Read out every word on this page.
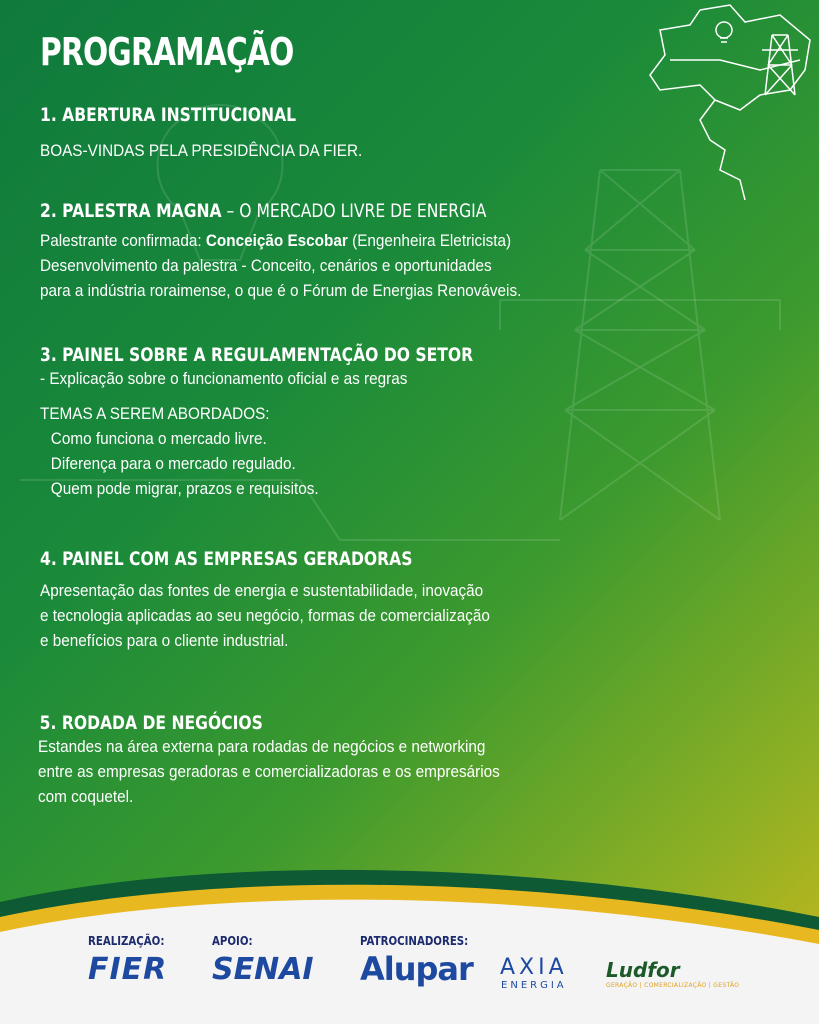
PROGRAMAÇÃO
1. ABERTURA INSTITUCIONAL
BOAS-VINDAS PELA PRESIDÊNCIA DA FIER.
2. PALESTRA MAGNA – O MERCADO LIVRE DE ENERGIA
Palestrante confirmada: Conceição Escobar (Engenheira Eletricista)
Desenvolvimento da palestra - Conceito, cenários e oportunidades
para a indústria roraimense, o que é o Fórum de Energias Renováveis.
3. PAINEL SOBRE A REGULAMENTAÇÃO DO SETOR
- Explicação sobre o funcionamento oficial e as regras
TEMAS A SEREM ABORDADOS:
Como funciona o mercado livre.
Diferença para o mercado regulado.
Quem pode migrar, prazos e requisitos.
4. PAINEL COM AS EMPRESAS GERADORAS
Apresentação das fontes de energia e sustentabilidade, inovação
e tecnologia aplicadas ao seu negócio, formas de comercialização
e benefícios para o cliente industrial.
5. RODADA DE NEGÓCIOS
Estandes na área externa para rodadas de negócios e networking
entre as empresas geradoras e comercializadoras e os empresários
com coquetel.
REALIZAÇÃO:	APOIO:	PATROCINADORES:
FIER SENAI Alupar AXIA
ENERGIA
Ludfor
GERAÇÃO | COMERCIALIZAÇÃO | GESTÃO
